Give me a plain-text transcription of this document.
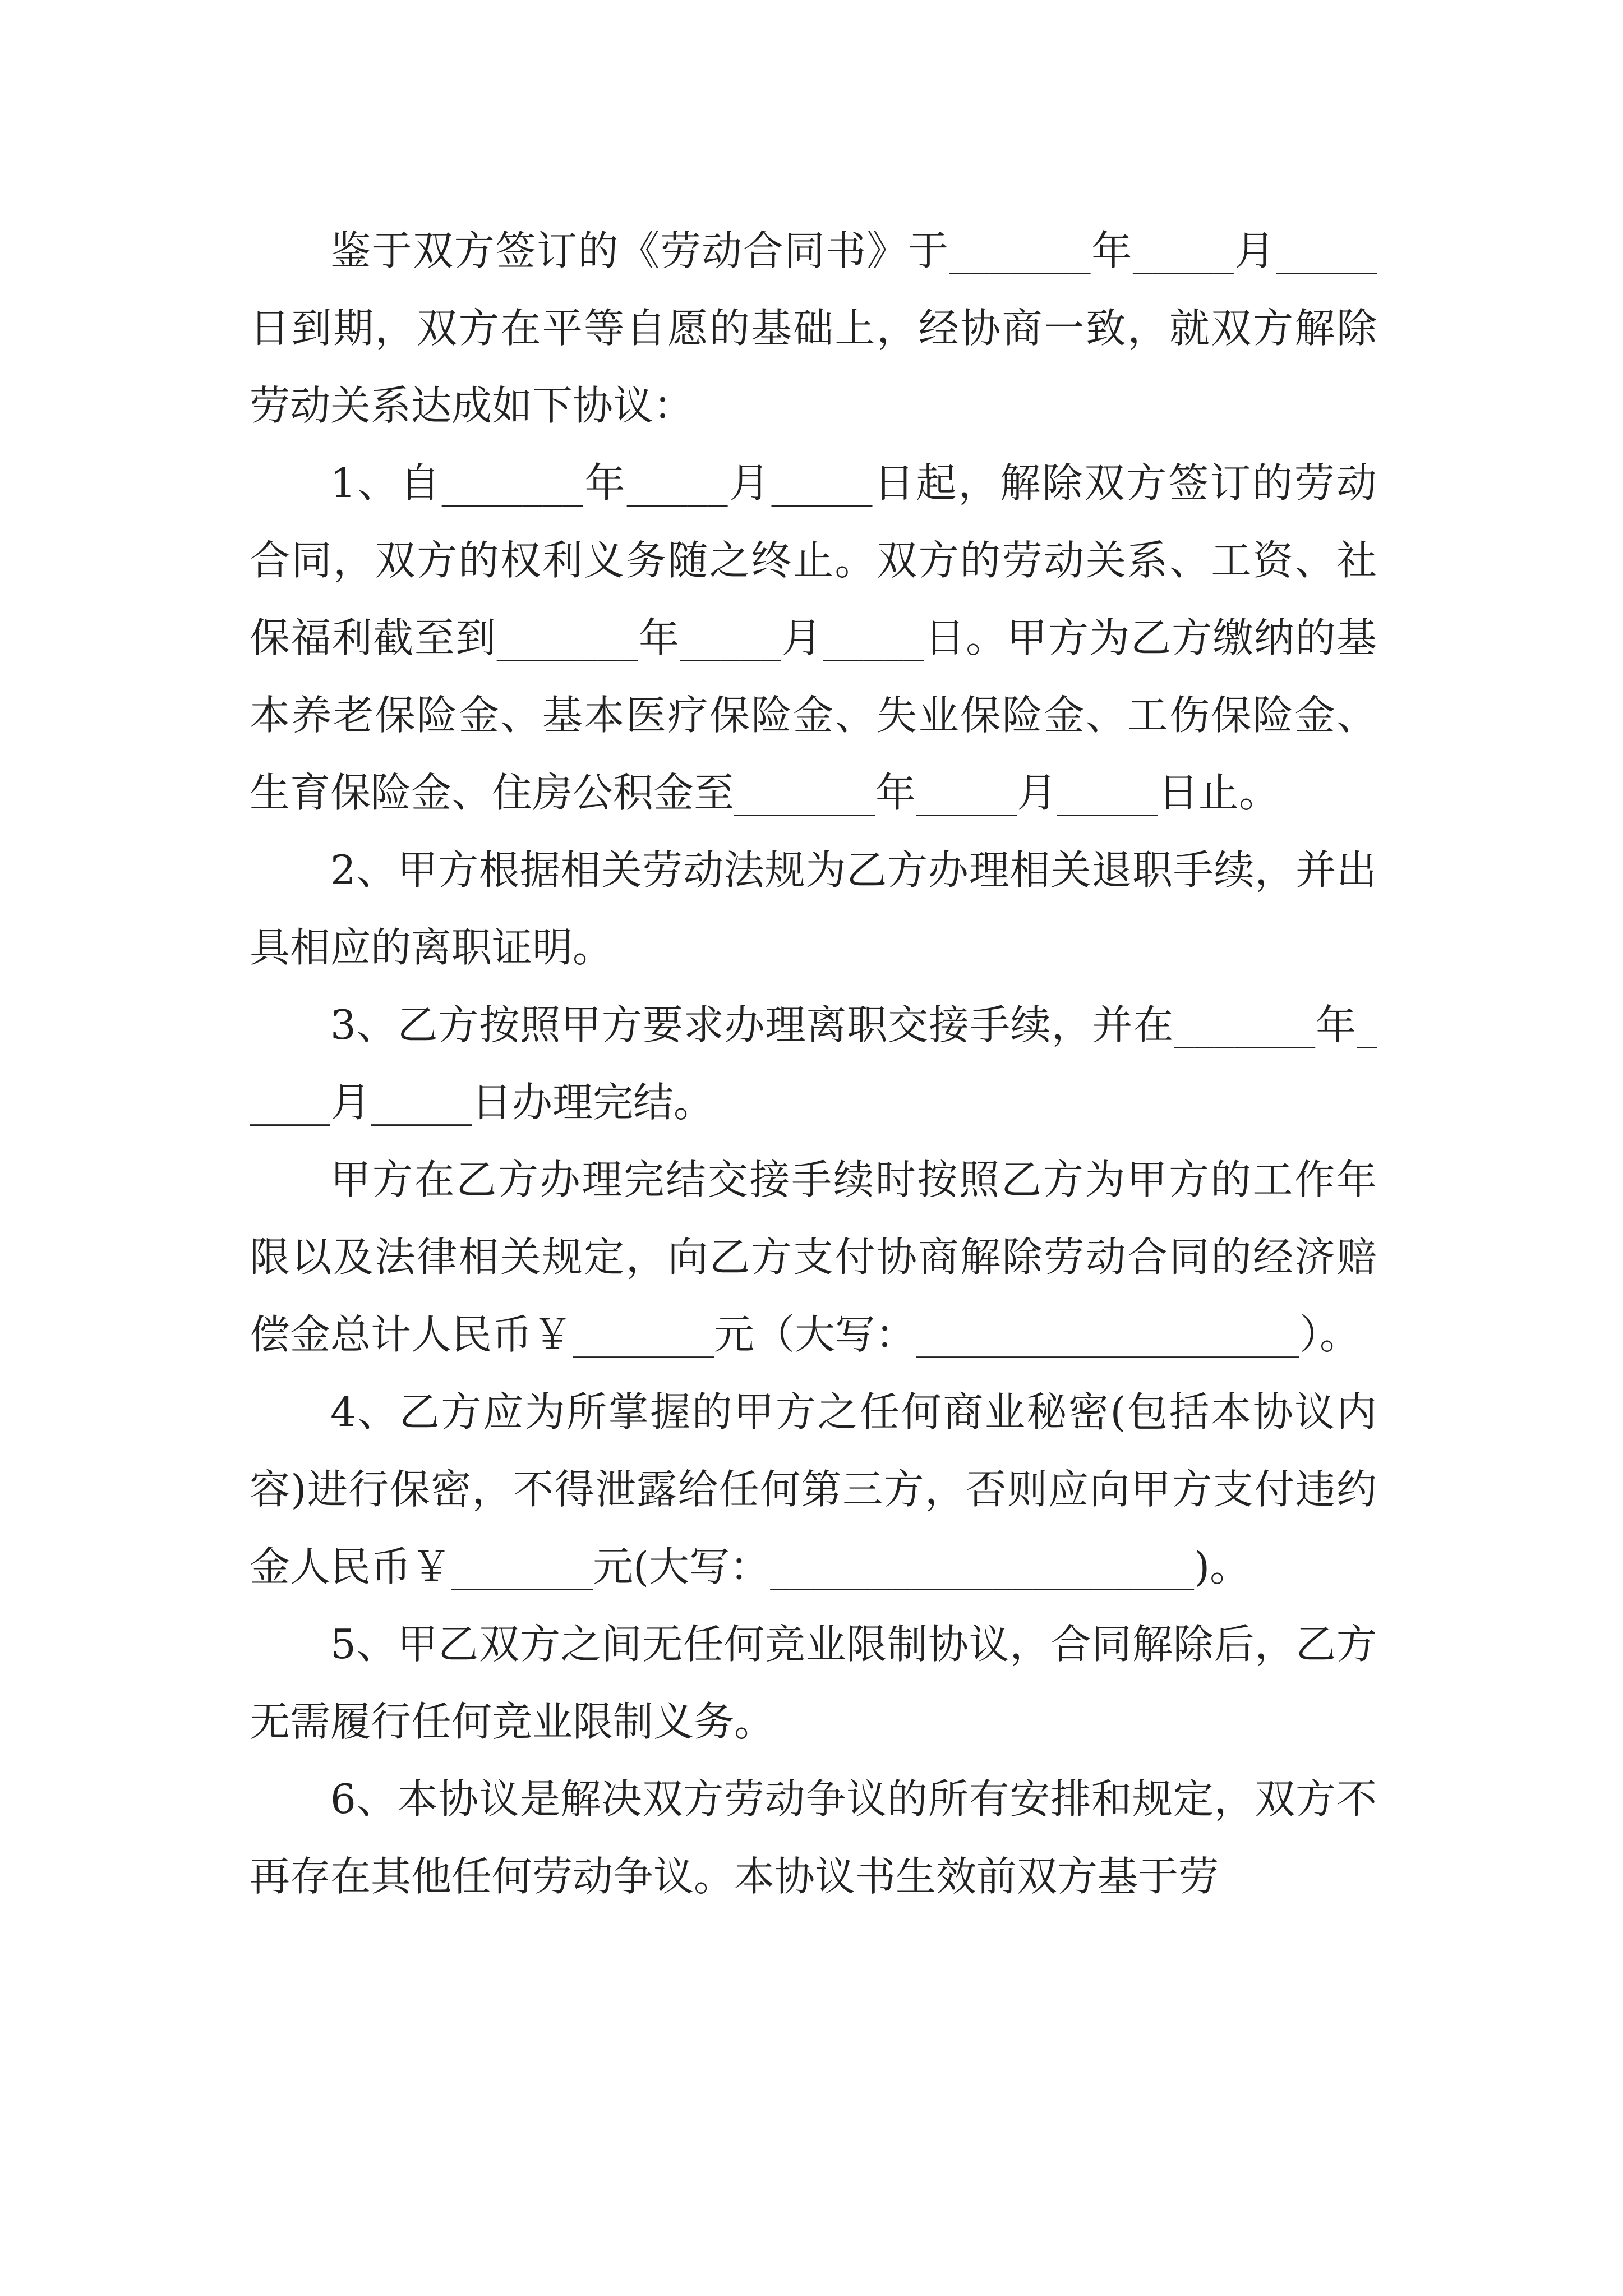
鉴于双方签订的《劳动合同书》于_______年_____月_____日到期，双方在平等自愿的基础上，经协商一致，就双方解除劳动关系达成如下协议：

1、自_______年_____月_____日起，解除双方签订的劳动合同，双方的权利义务随之终止。双方的劳动关系、工资、社保福利截至到_______年_____月_____日。甲方为乙方缴纳的基本养老保险金、基本医疗保险金、失业保险金、工伤保险金、生育保险金、住房公积金至_______年_____月_____日止。

2、甲方根据相关劳动法规为乙方办理相关退职手续，并出具相应的离职证明。

3、乙方按照甲方要求办理离职交接手续，并在_______年_____月_____日办理完结。

甲方在乙方办理完结交接手续时按照乙方为甲方的工作年限以及法律相关规定，向乙方支付协商解除劳动合同的经济赔偿金总计人民币￥_______元（大写：___________________）。

4、乙方应为所掌握的甲方之任何商业秘密(包括本协议内容)进行保密，不得泄露给任何第三方，否则应向甲方支付违约金人民币￥_______元(大写：_____________________)。

5、甲乙双方之间无任何竞业限制协议，合同解除后，乙方无需履行任何竞业限制义务。

6、本协议是解决双方劳动争议的所有安排和规定，双方不再存在其他任何劳动争议。本协议书生效前双方基于劳
